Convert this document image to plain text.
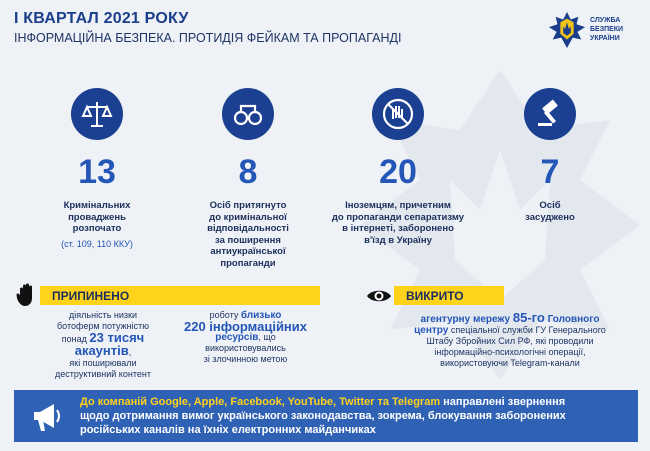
І КВАРТАЛ 2021 РОКУ
ІНФОРМАЦІЙНА БЕЗПЕКА. ПРОТИДІЯ ФЕЙКАМ ТА ПРОПАГАНДІ
СЛУЖБА
БЕЗПЕКИ
УКРАЇНИ
13
Кримінальних
проваджень
розпочато
(ст. 109, 110 ККУ)
8
Осіб притягнуто
до кримінальної
відповідальності
за поширення
антиукраїнської
пропаганди
20
Іноземцям, причетним
до пропаганди сепаратизму
в інтернеті, заборонено
в'їзд в Україну
7
Осіб
засуджено
ПРИПИНЕНО
діяльність низки
ботоферм потужністю
понад 23 тисяч акаунтів,
які поширювали
деструктивний контент
роботу близько
220 інформаційних
ресурсів, що
використовувались
зі злочинною метою
ВИКРИТО
агентурну мережу 85-го Головного
центру спеціальної служби ГУ Генерального
Штабу Збройних Сил РФ, які проводили
інформаційно-психологічні операції,
використовуючи Telegram-канали
До компаній Google, Apple, Facebook, YouTube, Twitter та Telegram направлені звернення
щодо дотримання вимог українського законодавства, зокрема, блокування заборонених
російських каналів на їхніх електронних майданчиках
